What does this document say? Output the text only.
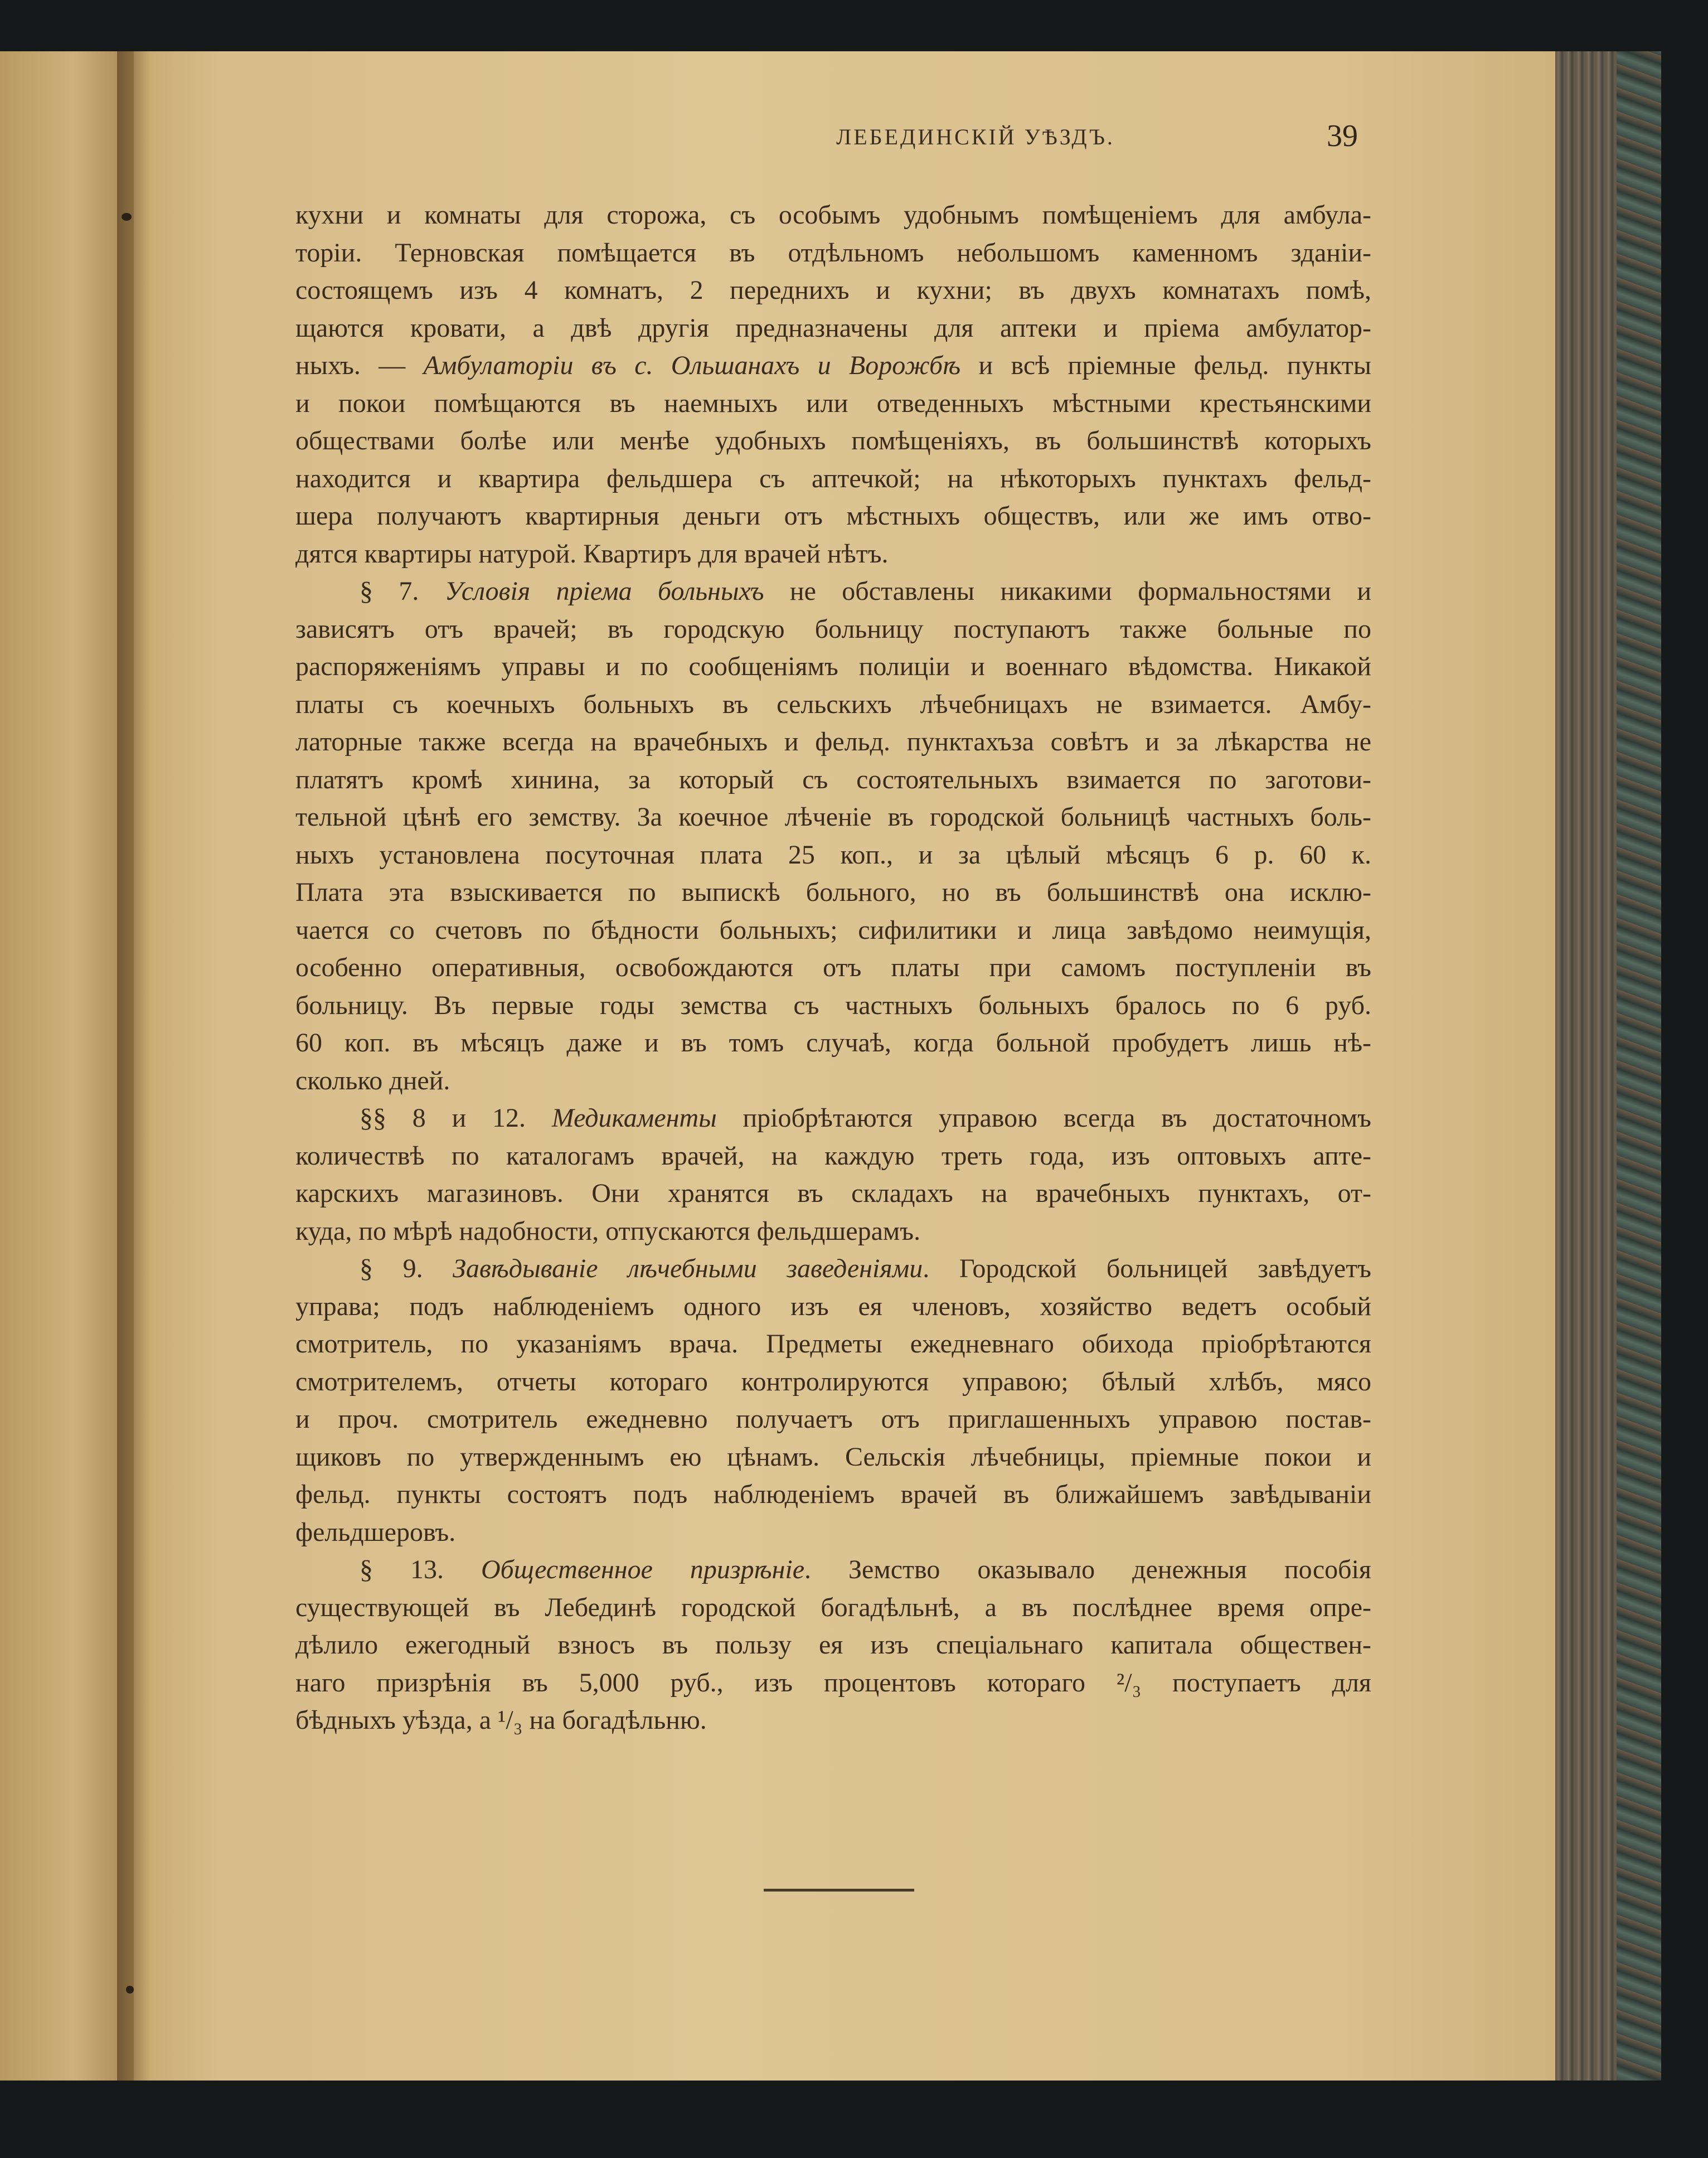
ЛЕБЕДИНСКІЙ УѢЗДЪ.	39
кухни и комнаты для сторожа, съ особымъ удобнымъ помѣщеніемъ для амбула-
торіи. Терновская помѣщается въ отдѣльномъ небольшомъ каменномъ зданіи-
состоящемъ изъ 4 комнатъ, 2 переднихъ и кухни; въ двухъ комнатахъ помѣ,
щаются кровати, а двѣ другія предназначены для аптеки и пріема амбулатор-
ныхъ. — Амбулаторіи въ с. Ольшанахъ и Ворожбѣ и всѣ пріемные фельд. пункты
и покои помѣщаются въ наемныхъ или отведенныхъ мѣстными крестьянскими
обществами болѣе или менѣе удобныхъ помѣщеніяхъ, въ большинствѣ которыхъ
находится и квартира фельдшера съ аптечкой; на нѣкоторыхъ пунктахъ фельд-
шера получаютъ квартирныя деньги отъ мѣстныхъ обществъ, или же имъ отво-
дятся квартиры натурой. Квартиръ для врачей нѣтъ.
§ 7. Условія пріема больныхъ не обставлены никакими формальностями и
зависятъ отъ врачей; въ городскую больницу поступаютъ также больные по
распоряженіямъ управы и по сообщеніямъ полиціи и военнаго вѣдомства. Никакой
платы съ коечныхъ больныхъ въ сельскихъ лѣчебницахъ не взимается. Амбу-
латорные также всегда на врачебныхъ и фельд. пунктахъза совѣтъ и за лѣкарства не
платятъ кромѣ хинина, за который съ состоятельныхъ взимается по заготови-
тельной цѣнѣ его земству. За коечное лѣченіе въ городской больницѣ частныхъ боль-
ныхъ установлена посуточная плата 25 коп., и за цѣлый мѣсяцъ 6 р. 60 к.
Плата эта взыскивается по выпискѣ больного, но въ большинствѣ она исклю-
чается со счетовъ по бѣдности больныхъ; сифилитики и лица завѣдомо неимущія,
особенно оперативныя, освобождаются отъ платы при самомъ поступленіи въ
больницу. Въ первые годы земства съ частныхъ больныхъ бралось по 6 руб.
60 коп. въ мѣсяцъ даже и въ томъ случаѣ, когда больной пробудетъ лишь нѣ-
сколько дней.
§§ 8 и 12. Медикаменты пріобрѣтаются управою всегда въ достаточномъ
количествѣ по каталогамъ врачей, на каждую треть года, изъ оптовыхъ апте-
карскихъ магазиновъ. Они хранятся въ складахъ на врачебныхъ пунктахъ, от-
куда, по мѣрѣ надобности, отпускаются фельдшерамъ.
§ 9. Завѣдываніе лѣчебными заведеніями. Городской больницей завѣдуетъ
управа; подъ наблюденіемъ одного изъ ея членовъ, хозяйство ведетъ особый
смотритель, по указаніямъ врача. Предметы ежедневнаго обихода пріобрѣтаются
смотрителемъ, отчеты котораго контролируются управою; бѣлый хлѣбъ, мясо
и проч. смотритель ежедневно получаетъ отъ приглашенныхъ управою постав-
щиковъ по утвержденнымъ ею цѣнамъ. Сельскія лѣчебницы, пріемные покои и
фельд. пункты состоятъ подъ наблюденіемъ врачей въ ближайшемъ завѣдываніи
фельдшеровъ.
§ 13. Общественное призрѣніе. Земство оказывало денежныя пособія
существующей въ Лебединѣ городской богадѣльнѣ, а въ послѣднее время опре-
дѣлило ежегодный взносъ въ пользу ея изъ спеціальнаго капитала обществен-
наго призрѣнія въ 5,000 руб., изъ процентовъ котораго ²/₃ поступаетъ для
бѣдныхъ уѣзда, а ¹/₃ на богадѣльню.
